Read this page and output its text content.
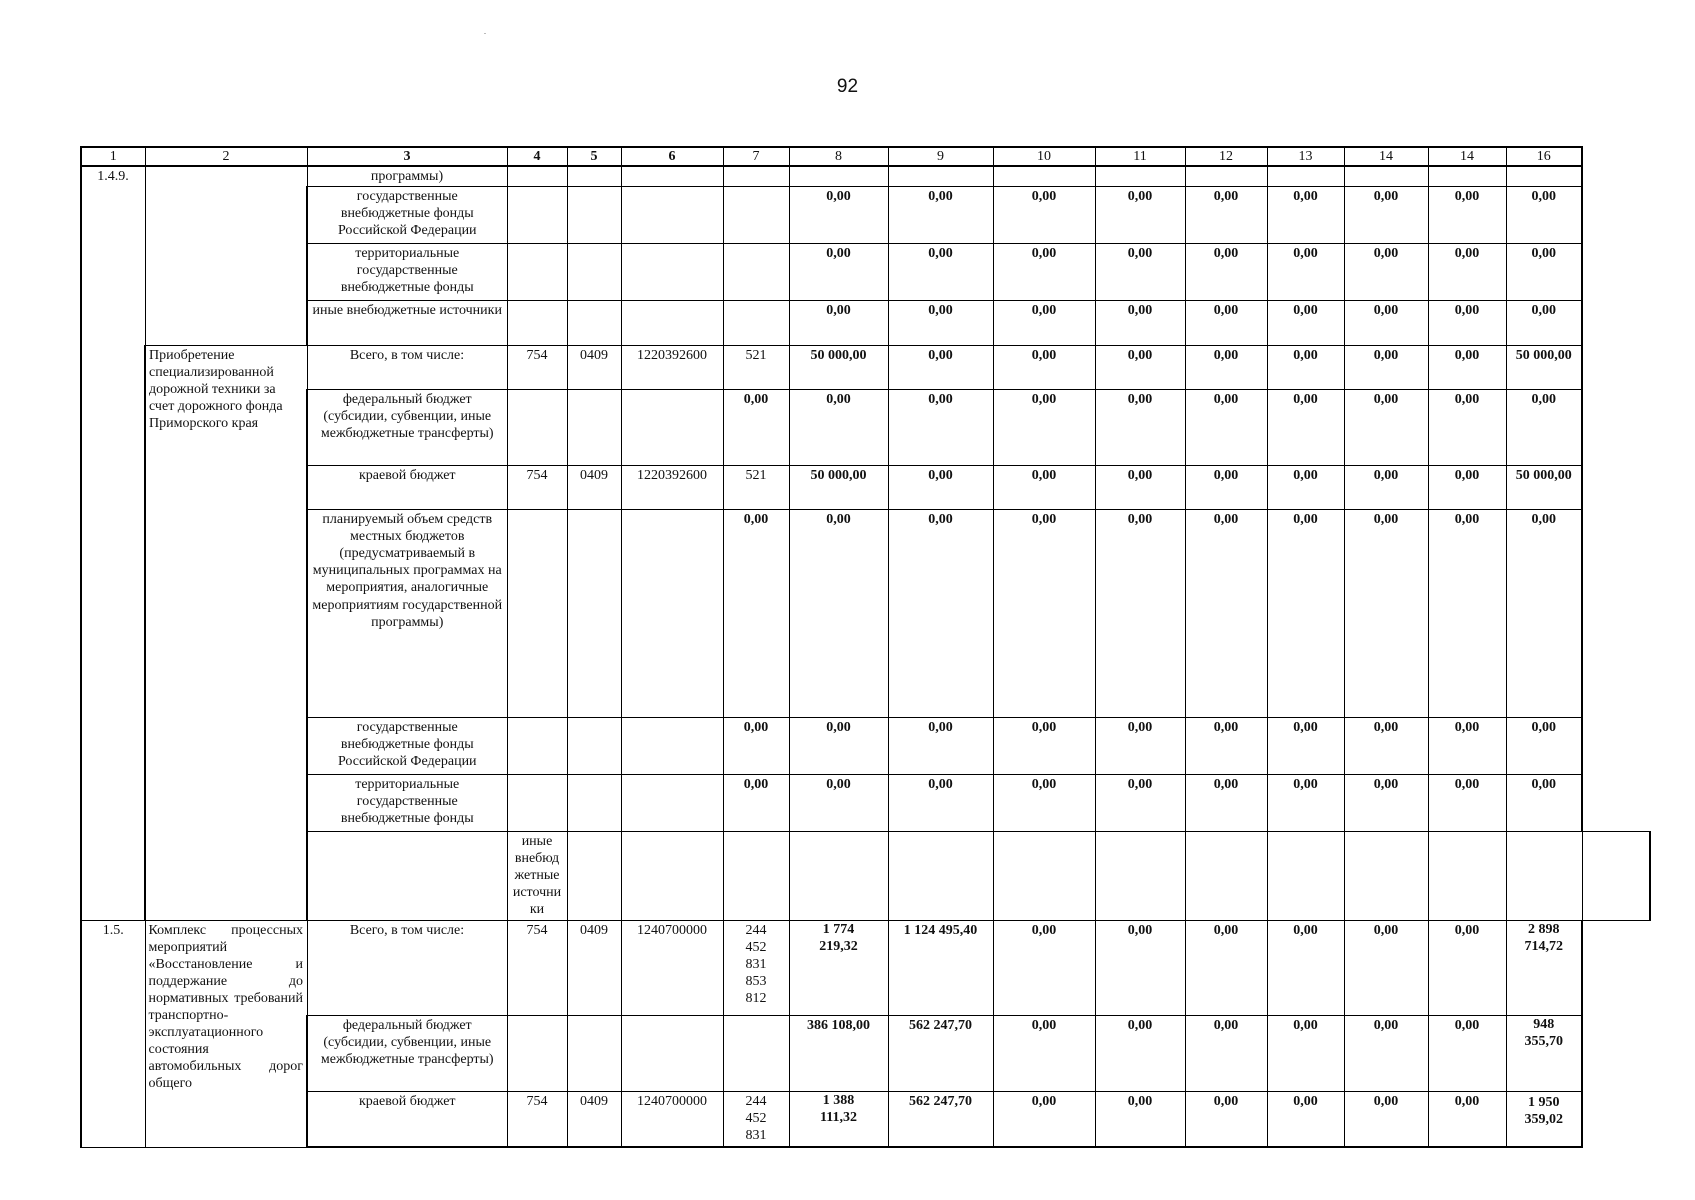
92
1	2	3	4	5	6	7	8	9	10	11	12	13	14	14	16	
1.4.9.		программы)														
		государственные внебюджетные фонды Российской Федерации					0,00	0,00	0,00	0,00	0,00	0,00	0,00	0,00	0,00	
		территориальные государственные внебюджетные фонды					0,00	0,00	0,00	0,00	0,00	0,00	0,00	0,00	0,00	
		иные внебюджетные источники					0,00	0,00	0,00	0,00	0,00	0,00	0,00	0,00	0,00	
	Приобретение специализированной дорожной техники за счет дорожного фонда Приморского края	Всего, в том числе:	754	0409	1220392600	521	50 000,00	0,00	0,00	0,00	0,00	0,00	0,00	0,00	50 000,00	
		федеральный бюджет (субсидии, субвенции, иные межбюджетные трансферты)				0,00	0,00	0,00	0,00	0,00	0,00	0,00	0,00	0,00	0,00	
		краевой бюджет	754	0409	1220392600	521	50 000,00	0,00	0,00	0,00	0,00	0,00	0,00	0,00	50 000,00	
		планируемый объем средств местных бюджетов (предусматриваемый в муниципальных программах на мероприятия, аналогичные мероприятиям государственной программы)				0,00	0,00	0,00	0,00	0,00	0,00	0,00	0,00	0,00	0,00	
		государственные внебюджетные фонды Российской Федерации				0,00	0,00	0,00	0,00	0,00	0,00	0,00	0,00	0,00	0,00	
		территориальные государственные внебюджетные фонды				0,00	0,00	0,00	0,00	0,00	0,00	0,00	0,00	0,00	0,00	
			иные внебюджетные источники													
1.5.	Комплекс процессных мероприятий «Восстановление и поддержание до нормативных требований транспортно-эксплуатационного состояния автомобильных дорог общего	Всего, в том числе:	754	0409	1240700000	244
452
831
853
812	1 774 219,32	1 124 495,40	0,00	0,00	0,00	0,00	0,00	0,00	2 898 714,72	
		федеральный бюджет (субсидии, субвенции, иные межбюджетные трансферты)					386 108,00	562 247,70	0,00	0,00	0,00	0,00	0,00	0,00	948 355,70	
		краевой бюджет	754	0409	1240700000	244
452
831	1 388 111,32	562 247,70	0,00	0,00	0,00	0,00	0,00	0,00	1 950 359,02	
